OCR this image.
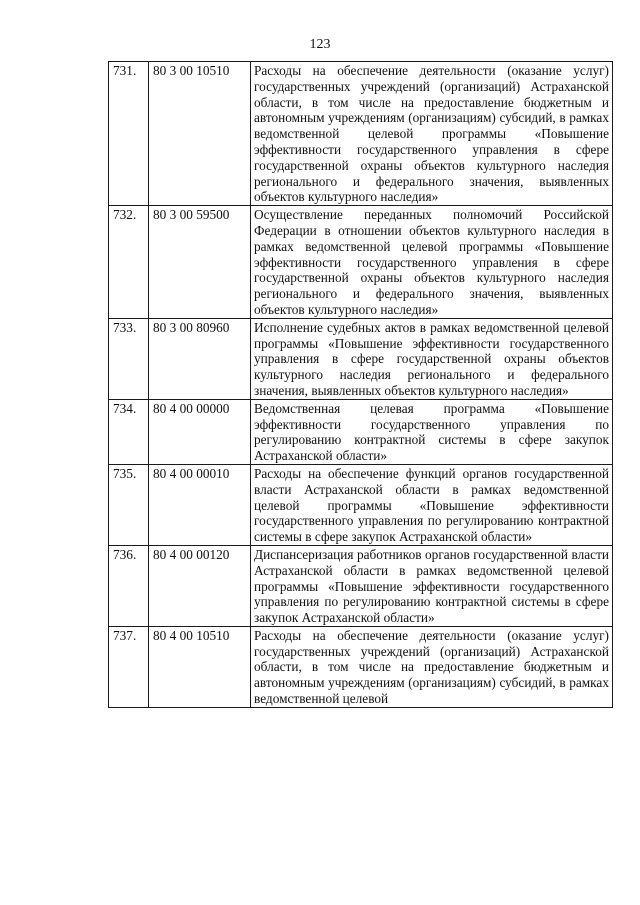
123
731.	80 3 00 10510	Расходы на обеспечение деятельности (оказание услуг) государственных учреждений (организаций) Астраханской области, в том числе на предоставление бюджетным и автономным учреждениям (организациям) субсидий, в рамках ведомственной целевой программы «Повышение эффективности государственного управления в сфере государственной охраны объектов культурного наследия регионального и федерального значения, выявленных объектов культурного наследия»
732.	80 3 00 59500	Осуществление переданных полномочий Российской Федерации в отношении объектов культурного наследия в рамках ведомственной целевой программы «Повышение эффективности государственного управления в сфере государственной охраны объектов культурного наследия регионального и федерального значения, выявленных объектов культурного наследия»
733.	80 3 00 80960	Исполнение судебных актов в рамках ведомственной целевой программы «Повышение эффективности государственного управления в сфере государственной охраны объектов культурного наследия регионального и федерального значения, выявленных объектов культурного наследия»
734.	80 4 00 00000	Ведомственная целевая программа «Повышение эффективности государственного управления по регулированию контрактной системы в сфере закупок Астраханской области»
735.	80 4 00 00010	Расходы на обеспечение функций органов государственной власти Астраханской области в рамках ведомственной целевой программы «Повышение эффективности государственного управления по регулированию контрактной системы в сфере закупок Астраханской области»
736.	80 4 00 00120	Диспансеризация работников органов государственной власти Астраханской области в рамках ведомственной целевой программы «Повышение эффективности государственного управления по регулированию контрактной системы в сфере закупок Астраханской области»
737.	80 4 00 10510	Расходы на обеспечение деятельности (оказание услуг) государственных учреждений (организаций) Астраханской области, в том числе на предоставление бюджетным и автономным учреждениям (организациям) субсидий, в рамках ведомственной целевой
